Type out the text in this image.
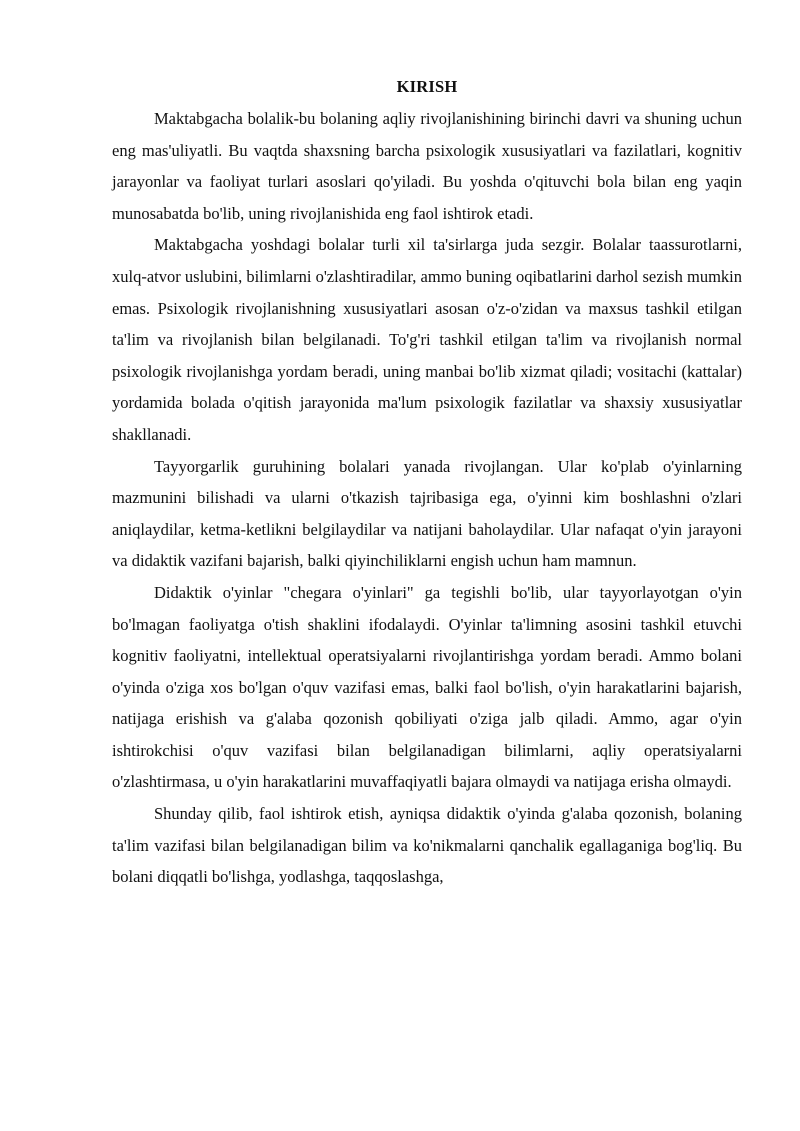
KIRISH

Maktabgacha bolalik-bu bolaning aqliy rivojlanishining birinchi davri va shuning uchun eng mas'uliyatli. Bu vaqtda shaxsning barcha psixologik xususiyatlari va fazilatlari, kognitiv jarayonlar va faoliyat turlari asoslari qo'yiladi. Bu yoshda o'qituvchi bola bilan eng yaqin munosabatda bo'lib, uning rivojlanishida eng faol ishtirok etadi.

Maktabgacha yoshdagi bolalar turli xil ta'sirlarga juda sezgir. Bolalar taassurotlarni, xulq-atvor uslubini, bilimlarni o'zlashtiradilar, ammo buning oqibatlarini darhol sezish mumkin emas. Psixologik rivojlanishning xususiyatlari asosan o'z-o'zidan va maxsus tashkil etilgan ta'lim va rivojlanish bilan belgilanadi. To'g'ri tashkil etilgan ta'lim va rivojlanish normal psixologik rivojlanishga yordam beradi, uning manbai bo'lib xizmat qiladi; vositachi (kattalar) yordamida bolada o'qitish jarayonida ma'lum psixologik fazilatlar va shaxsiy xususiyatlar shakllanadi.

Tayyorgarlik guruhining bolalari yanada rivojlangan. Ular ko'plab o'yinlarning mazmunini bilishadi va ularni o'tkazish tajribasiga ega, o'yinni kim boshlashni o'zlari aniqlaydilar, ketma-ketlikni belgilaydilar va natijani baholaydilar. Ular nafaqat o'yin jarayoni va didaktik vazifani bajarish, balki qiyinchiliklarni engish uchun ham mamnun.

Didaktik o'yinlar "chegara o'yinlari" ga tegishli bo'lib, ular tayyorlayotgan o'yin bo'lmagan faoliyatga o'tish shaklini ifodalaydi. O'yinlar ta'limning asosini tashkil etuvchi kognitiv faoliyatni, intellektual operatsiyalarni rivojlantirishga yordam beradi. Ammo bolani o'yinda o'ziga xos bo'lgan o'quv vazifasi emas, balki faol bo'lish, o'yin harakatlarini bajarish, natijaga erishish va g'alaba qozonish qobiliyati o'ziga jalb qiladi. Ammo, agar o'yin ishtirokchisi o'quv vazifasi bilan belgilanadigan bilimlarni, aqliy operatsiyalarni o'zlashtirmasa, u o'yin harakatlarini muvaffaqiyatli bajara olmaydi va natijaga erisha olmaydi.

Shunday qilib, faol ishtirok etish, ayniqsa didaktik o'yinda g'alaba qozonish, bolaning ta'lim vazifasi bilan belgilanadigan bilim va ko'nikmalarni qanchalik egallaganiga bog'liq. Bu bolani diqqatli bo'lishga, yodlashga, taqqoslashga,
